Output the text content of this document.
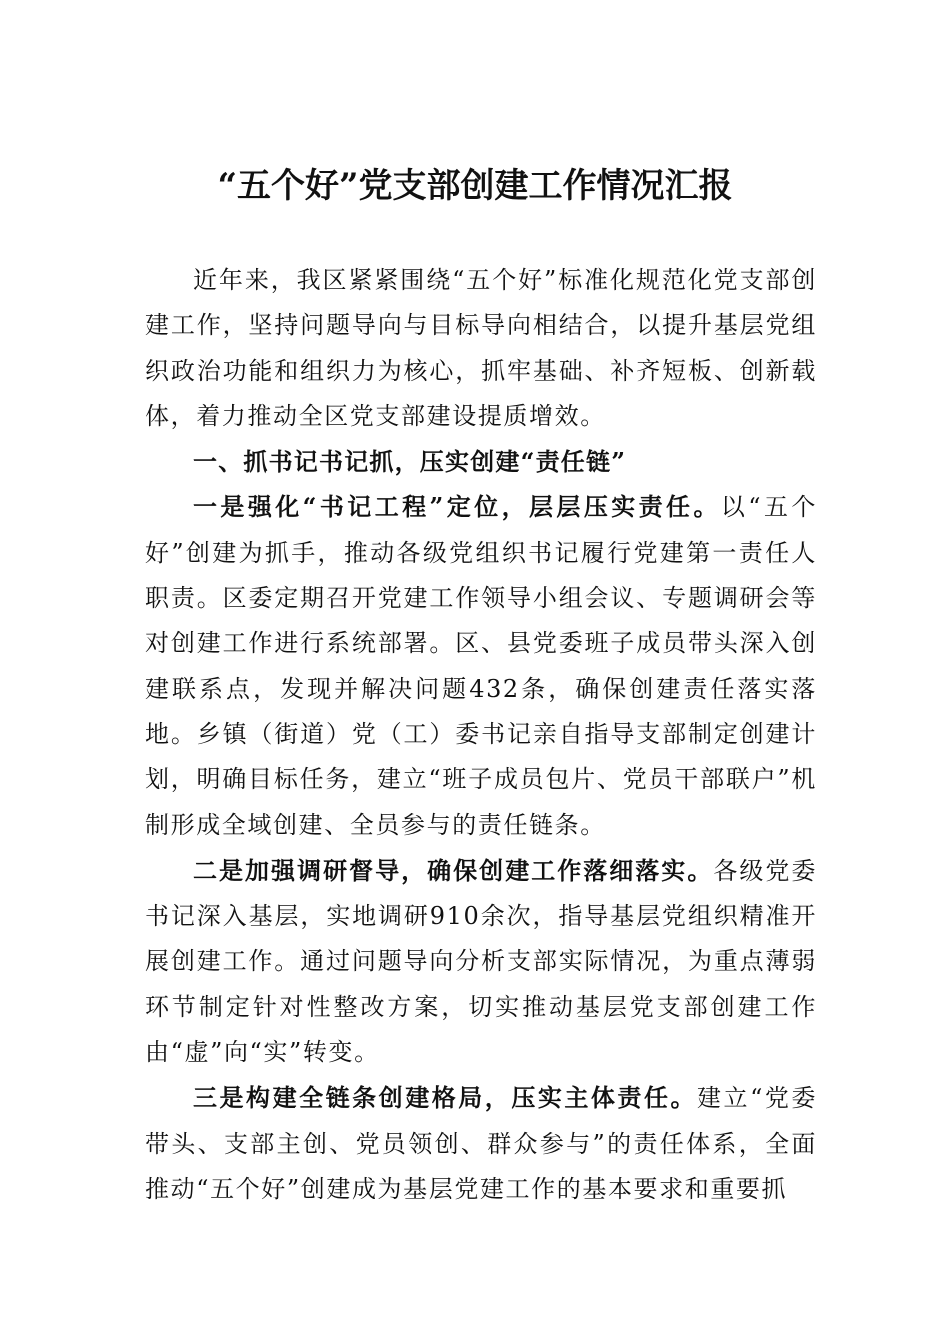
“五个好”党支部创建工作情况汇报

近年来，我区紧紧围绕“五个好”标准化规范化党支部创建工作，坚持问题导向与目标导向相结合，以提升基层党组织政治功能和组织力为核心，抓牢基础、补齐短板、创新载体，着力推动全区党支部建设提质增效。

一、抓书记书记抓，压实创建“责任链”

一是强化“书记工程”定位，层层压实责任。以“五个好”创建为抓手，推动各级党组织书记履行党建第一责任人职责。区委定期召开党建工作领导小组会议、专题调研会等对创建工作进行系统部署。区、县党委班子成员带头深入创建联系点，发现并解决问题432条，确保创建责任落实落地。乡镇（街道）党（工）委书记亲自指导支部制定创建计划，明确目标任务，建立“班子成员包片、党员干部联户”机制形成全域创建、全员参与的责任链条。

二是加强调研督导，确保创建工作落细落实。各级党委书记深入基层，实地调研910余次，指导基层党组织精准开展创建工作。通过问题导向分析支部实际情况，为重点薄弱环节制定针对性整改方案，切实推动基层党支部创建工作由“虚”向“实”转变。

三是构建全链条创建格局，压实主体责任。建立“党委带头、支部主创、党员领创、群众参与”的责任体系，全面推动“五个好”创建成为基层党建工作的基本要求和重要抓
